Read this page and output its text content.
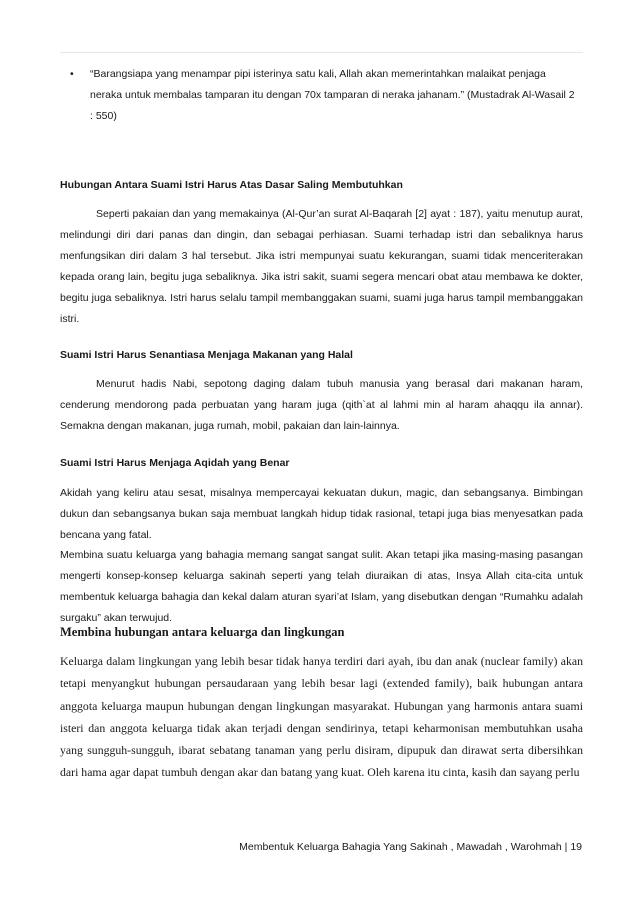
• “Barangsiapa yang menampar pipi isterinya satu kali, Allah akan memerintahkan malaikat penjaga neraka untuk membalas tamparan itu dengan 70x tamparan di neraka jahanam.” (Mustadrak Al-Wasail 2 : 550)
Hubungan Antara Suami Istri Harus Atas Dasar Saling Membutuhkan
Seperti pakaian dan yang memakainya (Al-Qur’an surat Al-Baqarah [2] ayat : 187), yaitu menutup aurat, melindungi diri dari panas dan dingin, dan sebagai perhiasan. Suami terhadap istri dan sebaliknya harus menfungsikan diri dalam 3 hal tersebut. Jika istri mempunyai suatu kekurangan, suami tidak menceriterakan kepada orang lain, begitu juga sebaliknya. Jika istri sakit, suami segera mencari obat atau membawa ke dokter, begitu juga sebaliknya. Istri harus selalu tampil membanggakan suami, suami juga harus tampil membanggakan istri.
Suami Istri Harus Senantiasa Menjaga Makanan yang Halal
Menurut hadis Nabi, sepotong daging dalam tubuh manusia yang berasal dari makanan haram, cenderung mendorong pada perbuatan yang haram juga (qith`at al lahmi min al haram ahaqqu ila annar). Semakna dengan makanan, juga rumah, mobil, pakaian dan lain-lainnya.
Suami Istri Harus Menjaga Aqidah yang Benar
Akidah yang keliru atau sesat, misalnya mempercayai kekuatan dukun, magic, dan sebangsanya. Bimbingan dukun dan sebangsanya bukan saja membuat langkah hidup tidak rasional, tetapi juga bias menyesatkan pada bencana yang fatal.
Membina suatu keluarga yang bahagia memang sangat sangat sulit. Akan tetapi jika masing-masing pasangan mengerti konsep-konsep keluarga sakinah seperti yang telah diuraikan di atas, Insya Allah cita-cita untuk membentuk keluarga bahagia dan kekal dalam aturan syari’at Islam, yang disebutkan dengan “Rumahku adalah surgaku” akan terwujud.
Membina hubungan antara keluarga dan lingkungan
Keluarga dalam lingkungan yang lebih besar tidak hanya terdiri dari ayah, ibu dan anak (nuclear family) akan tetapi menyangkut hubungan persaudaraan yang lebih besar lagi (extended family), baik hubungan antara anggota keluarga maupun hubungan dengan lingkungan masyarakat. Hubungan yang harmonis antara suami isteri dan anggota keluarga tidak akan terjadi dengan sendirinya, tetapi keharmonisan membutuhkan usaha yang sungguh-sungguh, ibarat sebatang tanaman yang perlu disiram, dipupuk dan dirawat serta dibersihkan dari hama agar dapat tumbuh dengan akar dan batang yang kuat. Oleh karena itu cinta, kasih dan sayang perlu
Membentuk Keluarga Bahagia Yang Sakinah , Mawadah , Warohmah | 19
